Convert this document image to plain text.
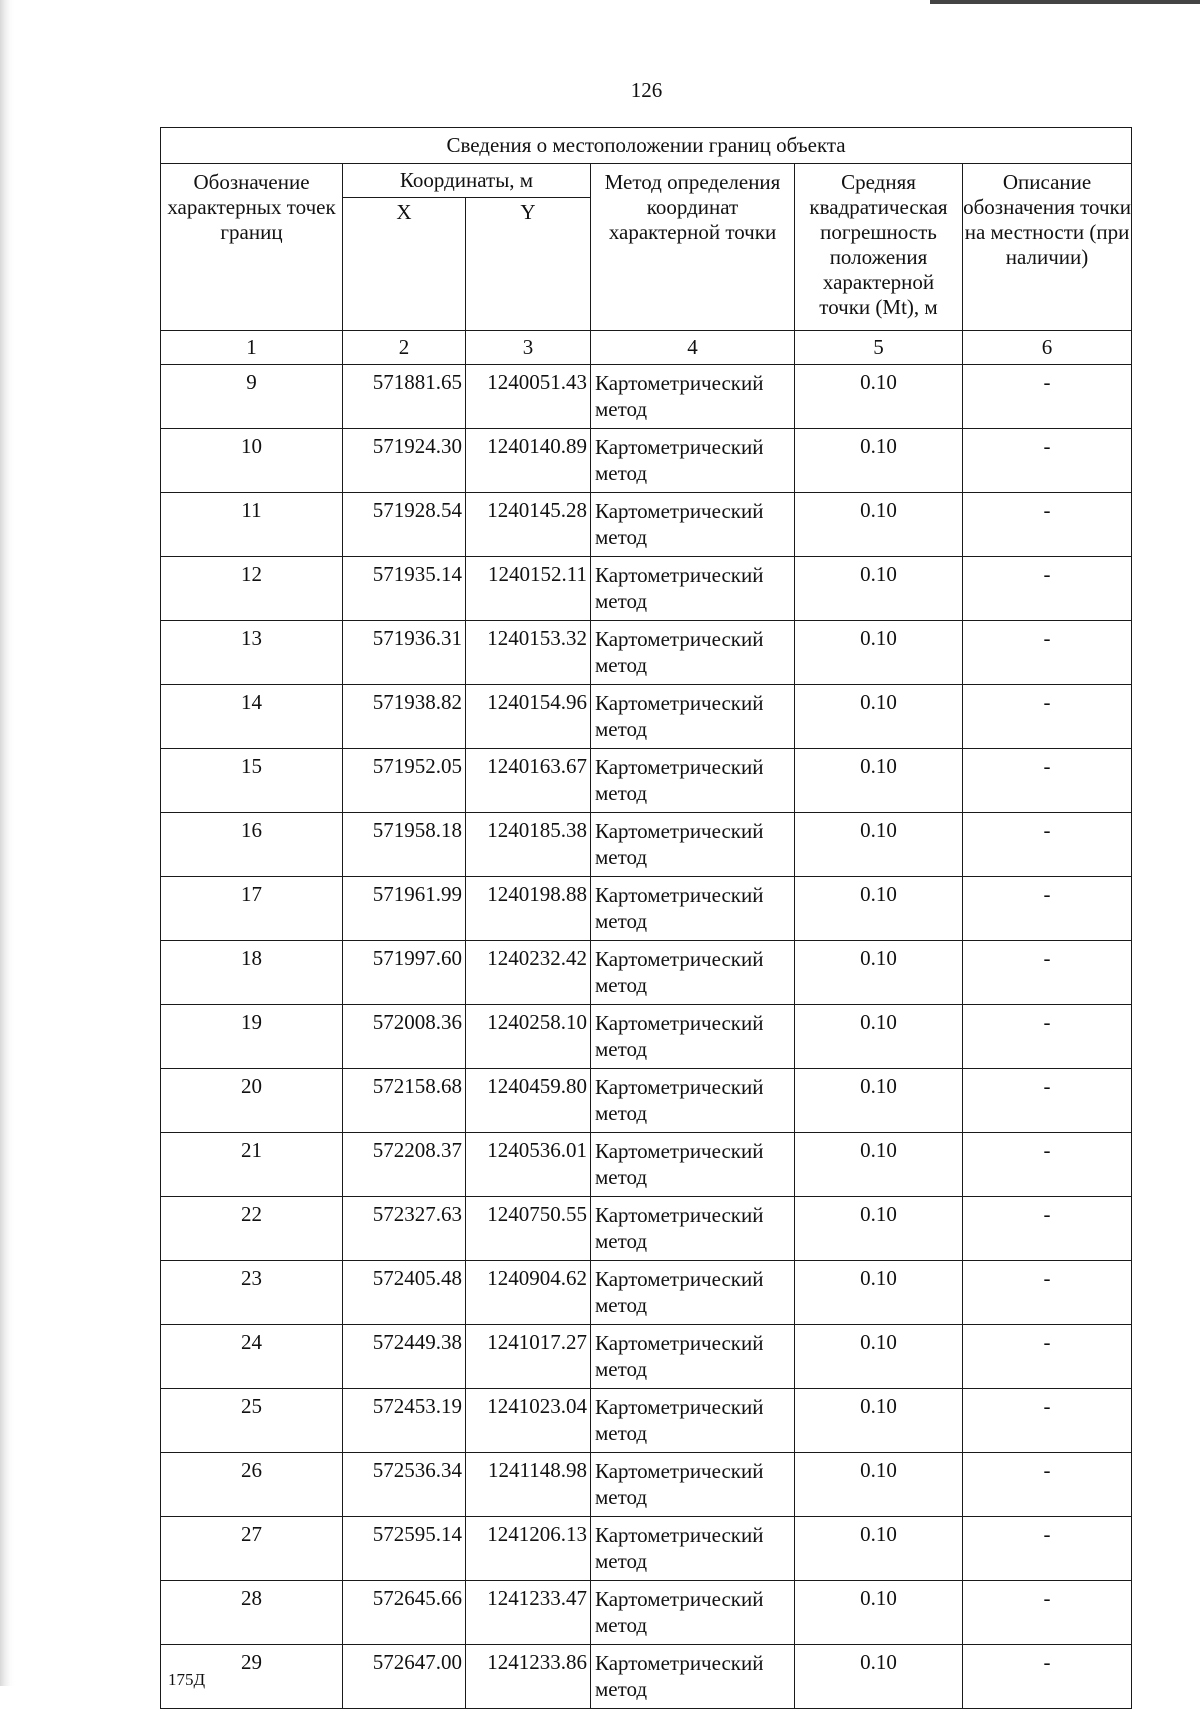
126
Сведения о местоположении границ объекта					
Обозначение характерных точек границ	Координаты, м		Метод определения координат характерной точки	Средняя квадратическая погрешность положения характерной точки (Mt), м	Описание обозначения точки на местности (при наличии)
	X	Y			
1	2	3	4	5	6
9	571881.65	1240051.43	Картометрический метод	0.10	-
10	571924.30	1240140.89	Картометрический метод	0.10	-
11	571928.54	1240145.28	Картометрический метод	0.10	-
12	571935.14	1240152.11	Картометрический метод	0.10	-
13	571936.31	1240153.32	Картометрический метод	0.10	-
14	571938.82	1240154.96	Картометрический метод	0.10	-
15	571952.05	1240163.67	Картометрический метод	0.10	-
16	571958.18	1240185.38	Картометрический метод	0.10	-
17	571961.99	1240198.88	Картометрический метод	0.10	-
18	571997.60	1240232.42	Картометрический метод	0.10	-
19	572008.36	1240258.10	Картометрический метод	0.10	-
20	572158.68	1240459.80	Картометрический метод	0.10	-
21	572208.37	1240536.01	Картометрический метод	0.10	-
22	572327.63	1240750.55	Картометрический метод	0.10	-
23	572405.48	1240904.62	Картометрический метод	0.10	-
24	572449.38	1241017.27	Картометрический метод	0.10	-
25	572453.19	1241023.04	Картометрический метод	0.10	-
26	572536.34	1241148.98	Картометрический метод	0.10	-
27	572595.14	1241206.13	Картометрический метод	0.10	-
28	572645.66	1241233.47	Картометрический метод	0.10	-
29	572647.00	1241233.86	Картометрический метод	0.10	-
175Д
